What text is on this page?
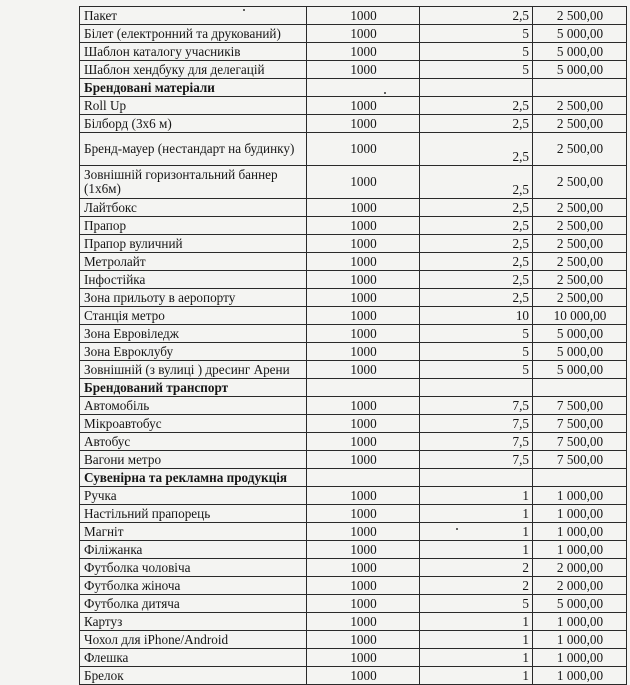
Пакет	1000	2,5	2 500,00
Білет (електронний та друкований)	1000	5	5 000,00
Шаблон каталогу учасників	1000	5	5 000,00
Шаблон хендбуку для делегацій	1000	5	5 000,00
Брендовані матеріали			
Roll Up	1000	2,5	2 500,00
Білборд (3х6 м)	1000	2,5	2 500,00
Бренд-мауер (нестандарт на будинку)	1000	2,5	2 500,00
Зовнішній горизонтальний баннер (1х6м)	1000	2,5	2 500,00
Лайтбокс	1000	2,5	2 500,00
Прапор	1000	2,5	2 500,00
Прапор вуличний	1000	2,5	2 500,00
Метролайт	1000	2,5	2 500,00
Інфостійка	1000	2,5	2 500,00
Зона прильоту в аеропорту	1000	2,5	2 500,00
Станція метро	1000	10	10 000,00
Зона Евровіледж	1000	5	5 000,00
Зона Евроклубу	1000	5	5 000,00
Зовнішній (з вулиці ) дресинг Арени	1000	5	5 000,00
Брендований транспорт			
Автомобіль	1000	7,5	7 500,00
Мікроавтобус	1000	7,5	7 500,00
Автобус	1000	7,5	7 500,00
Вагони метро	1000	7,5	7 500,00
Сувенірна та рекламна продукція			
Ручка	1000	1	1 000,00
Настільний прапорець	1000	1	1 000,00
Магніт	1000	1	1 000,00
Філіжанка	1000	1	1 000,00
Футболка чоловіча	1000	2	2 000,00
Футболка жіноча	1000	2	2 000,00
Футболка дитяча	1000	5	5 000,00
Картуз	1000	1	1 000,00
Чохол для iPhone/Android	1000	1	1 000,00
Флешка	1000	1	1 000,00
Брелок	1000	1	1 000,00
